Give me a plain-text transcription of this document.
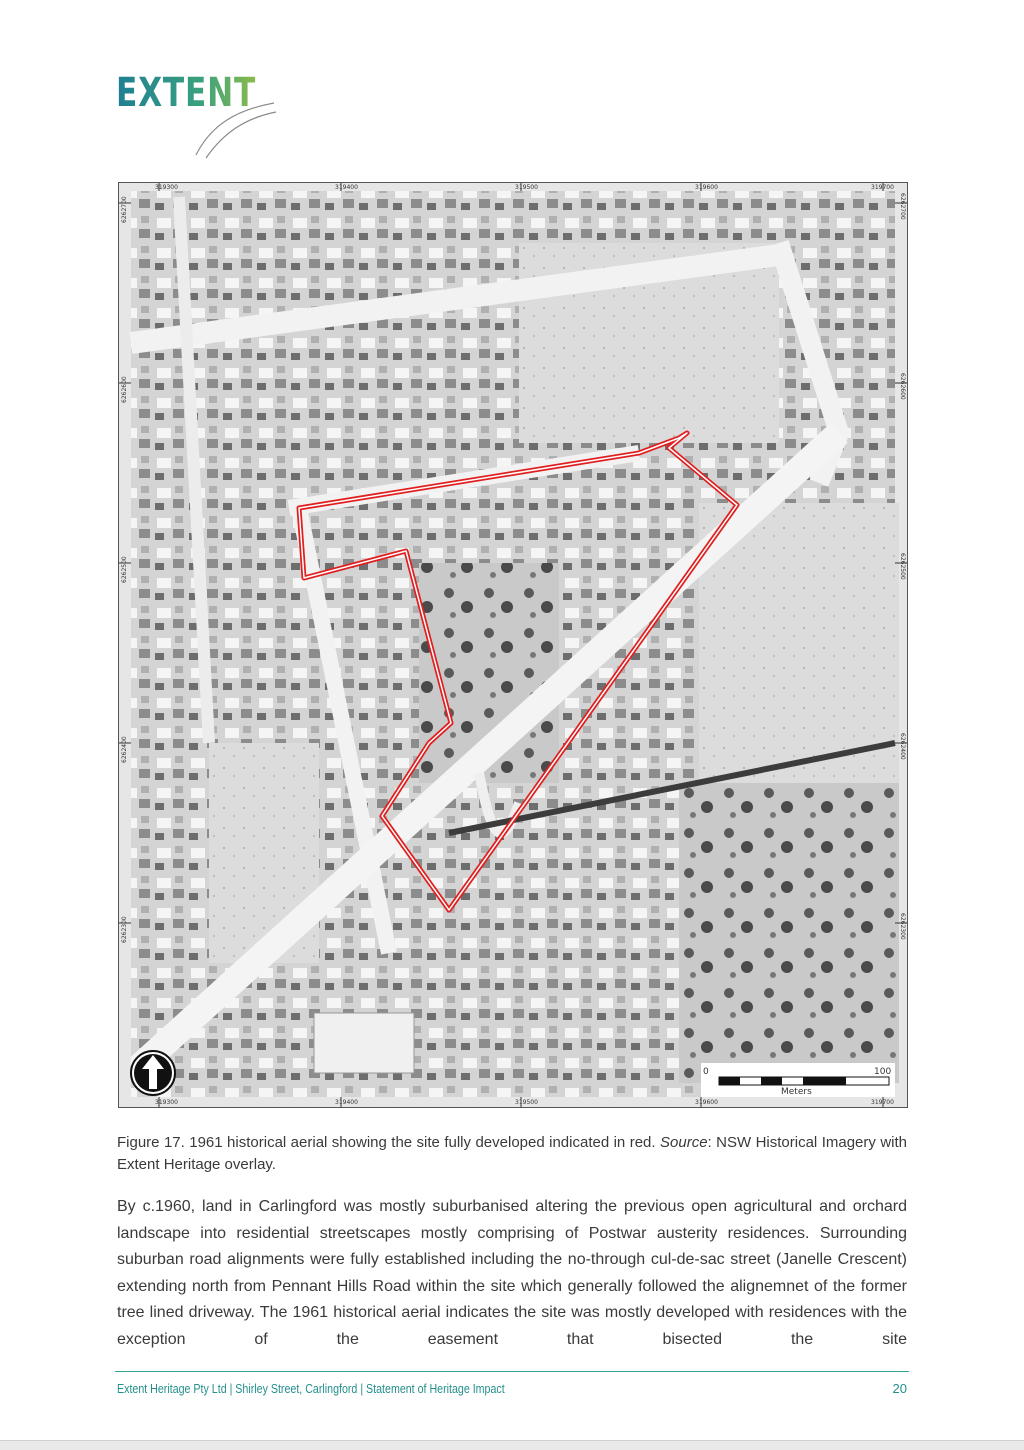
EXTENT
319300	319400	319500	319600	319700
319300	319400	319500	319600	319700
6262700
6262600
6262500
6262400
6262300
6262700
6262600
6262500
6262400
6262300
0	100
Meters
Figure 17. 1961 historical aerial showing the site fully developed indicated in red. Source: NSW Historical Imagery with Extent Heritage overlay.
By c.1960, land in Carlingford was mostly suburbanised altering the previous open agricultural and orchard landscape into residential streetscapes mostly comprising of Postwar austerity residences. Surrounding suburban road alignments were fully established including the no-through cul-de-sac street (Janelle Crescent) extending north from Pennant Hills Road within the site which generally followed the alignemnet of the former tree lined driveway. The 1961 historical aerial indicates the site was mostly developed with residences with the exception of the easement that bisected the site
Extent Heritage Pty Ltd | Shirley Street, Carlingford | Statement of Heritage Impact	20
